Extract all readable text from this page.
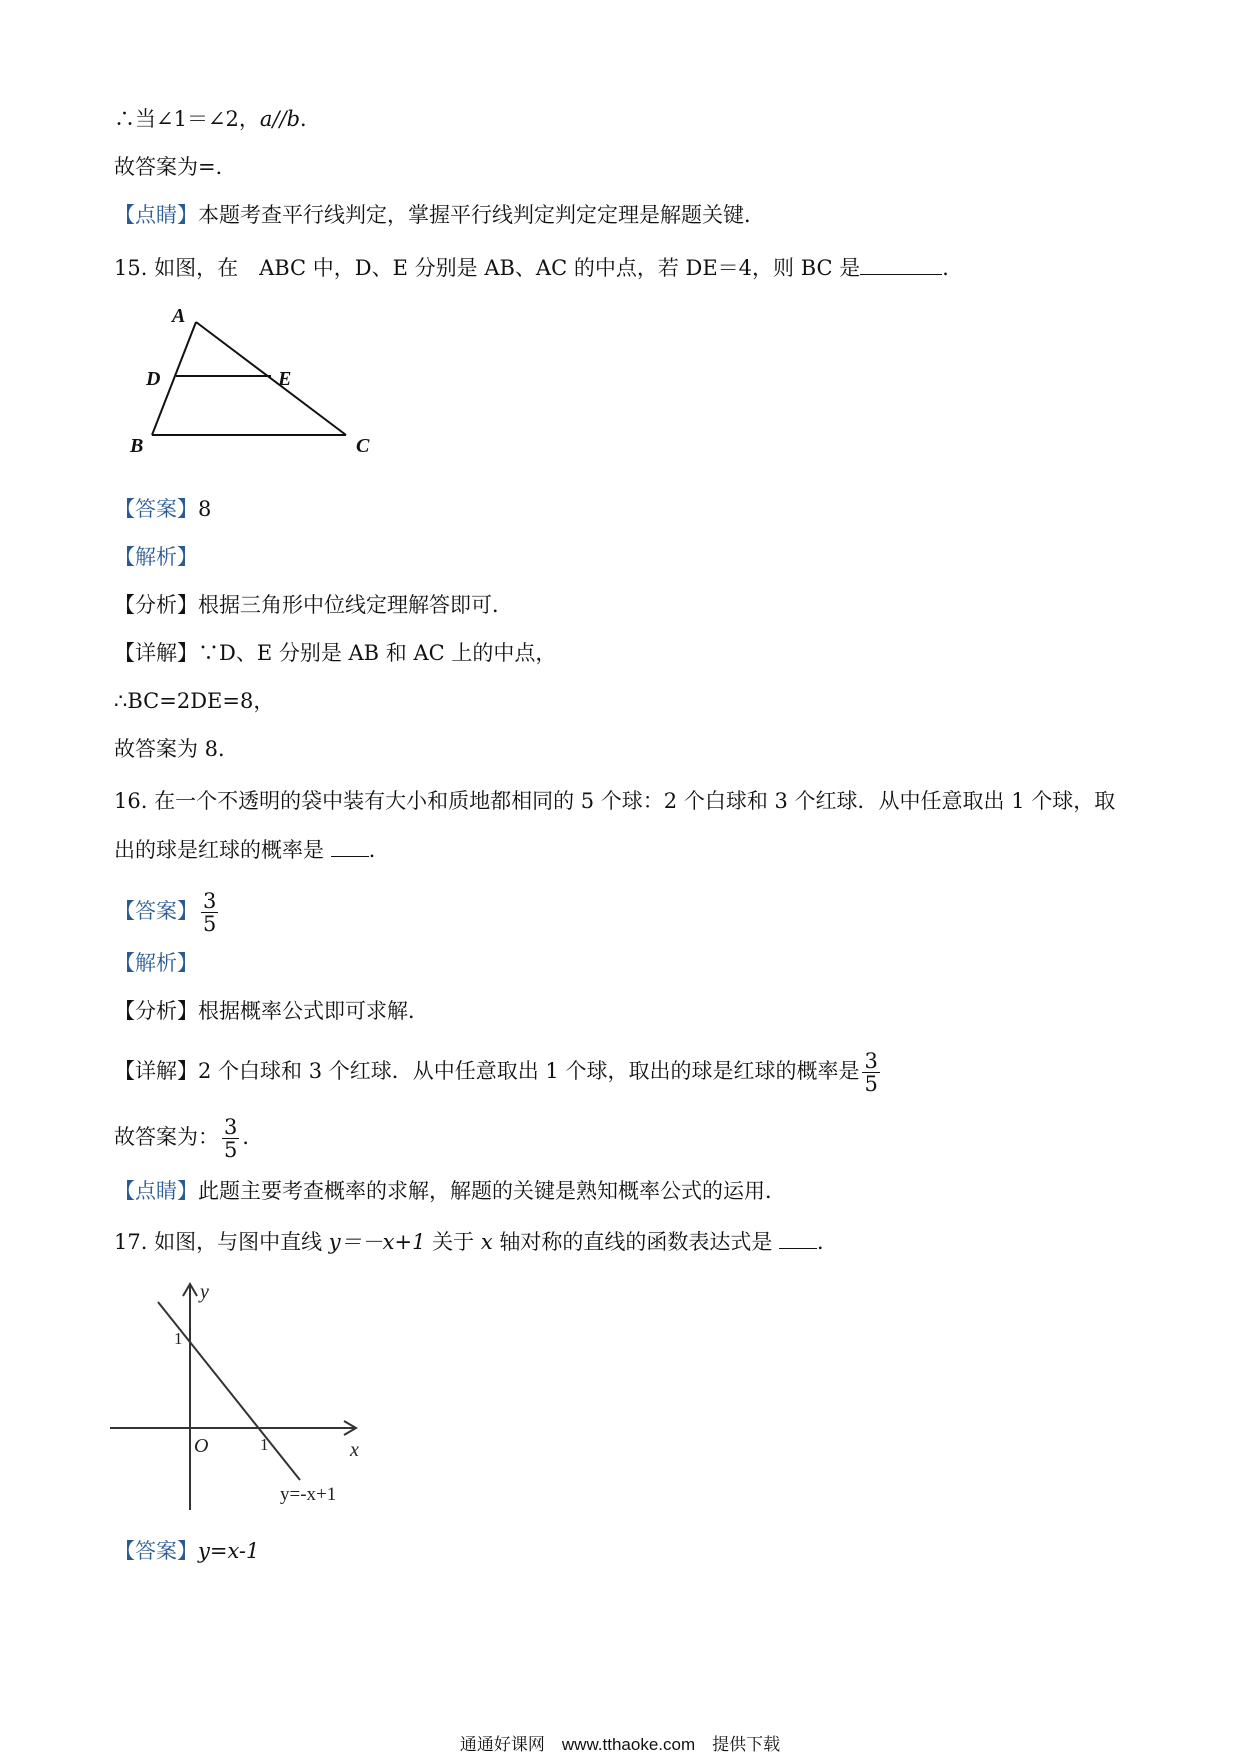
∴当∠1＝∠2，a//b．
故答案为=．
【点睛】本题考查平行线判定，掌握平行线判定判定定理是解题关键．
15. 如图，在　ABC 中，D、E 分别是 AB、AC 的中点，若 DE＝4，则 BC 是	．
A
D	E
B	C
【答案】8
【解析】
【分析】根据三角形中位线定理解答即可．
【详解】∵D、E 分别是 AB 和 AC 上的中点，
∴BC=2DE=8，
故答案为 8．
16. 在一个不透明的袋中装有大小和质地都相同的 5 个球：2 个白球和 3 个红球．从中任意取出 1 个球，取
出的球是红球的概率是 ．
【答案】 $\frac{3}{5}$
【解析】
【分析】根据概率公式即可求解．
【详解】2 个白球和 3 个红球．从中任意取出 1 个球，取出的球是红球的概率是 $\frac{3}{5}$
故答案为： $\frac{3}{5}$ ．
【点睛】此题主要考查概率的求解，解题的关键是熟知概率公式的运用．
17. 如图，与图中直线 y＝－x+1 关于 x 轴对称的直线的函数表达式是 ．
y
x
O
1
1
y=-x+1
【答案】y=x-1
通通好课网　www.tthaoke.com　提供下载
